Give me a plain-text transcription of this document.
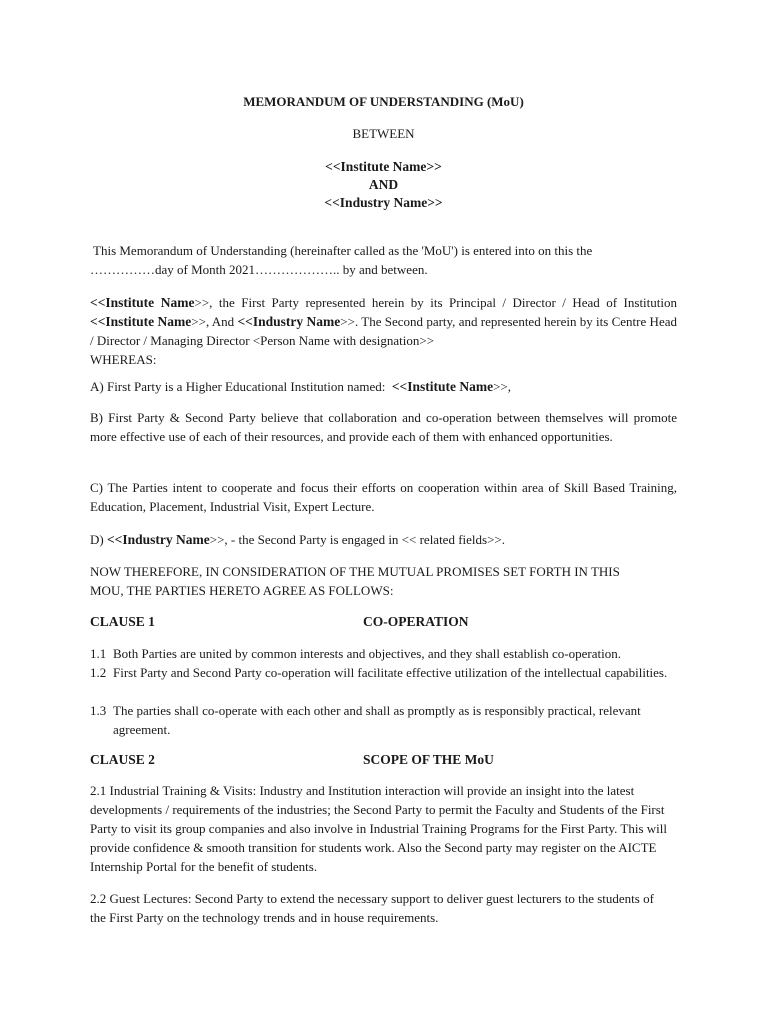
MEMORANDUM OF UNDERSTANDING (MoU)
BETWEEN
<<Institute Name>>
AND
<<Industry Name>>
This Memorandum of Understanding (hereinafter called as the 'MoU') is entered into on this the
……………day of Month 2021……………….. by and between.
<<Institute Name>>, the First Party represented herein by its Principal / Director / Head of Institution <<Institute Name>>, And <<Industry Name>>. The Second party, and represented herein by its Centre Head / Director / Managing Director <Person Name with designation>>
WHEREAS:
A) First Party is a Higher Educational Institution named:  <<Institute Name>>,
B) First Party & Second Party believe that collaboration and co-operation between themselves will promote more effective use of each of their resources, and provide each of them with enhanced opportunities.
C) The Parties intent to cooperate and focus their efforts on cooperation within area of Skill Based Training, Education, Placement, Industrial Visit, Expert Lecture.
D) <<Industry Name>>, - the Second Party is engaged in << related fields>>.
NOW THEREFORE, IN CONSIDERATION OF THE MUTUAL PROMISES SET FORTH IN THIS MOU, THE PARTIES HERETO AGREE AS FOLLOWS:
CLAUSE 1	CO-OPERATION
1.1 Both Parties are united by common interests and objectives, and they shall establish co-operation.
1.2 First Party and Second Party co-operation will facilitate effective utilization of the intellectual capabilities.
1.3 The parties shall co-operate with each other and shall as promptly as is responsibly practical, relevant agreement.
CLAUSE 2	SCOPE OF THE MoU
2.1 Industrial Training & Visits: Industry and Institution interaction will provide an insight into the latest developments / requirements of the industries; the Second Party to permit the Faculty and Students of the First Party to visit its group companies and also involve in Industrial Training Programs for the First Party. This will provide confidence & smooth transition for students work. Also the Second party may register on the AICTE Internship Portal for the benefit of students.
2.2 Guest Lectures: Second Party to extend the necessary support to deliver guest lecturers to the students of the First Party on the technology trends and in house requirements.
